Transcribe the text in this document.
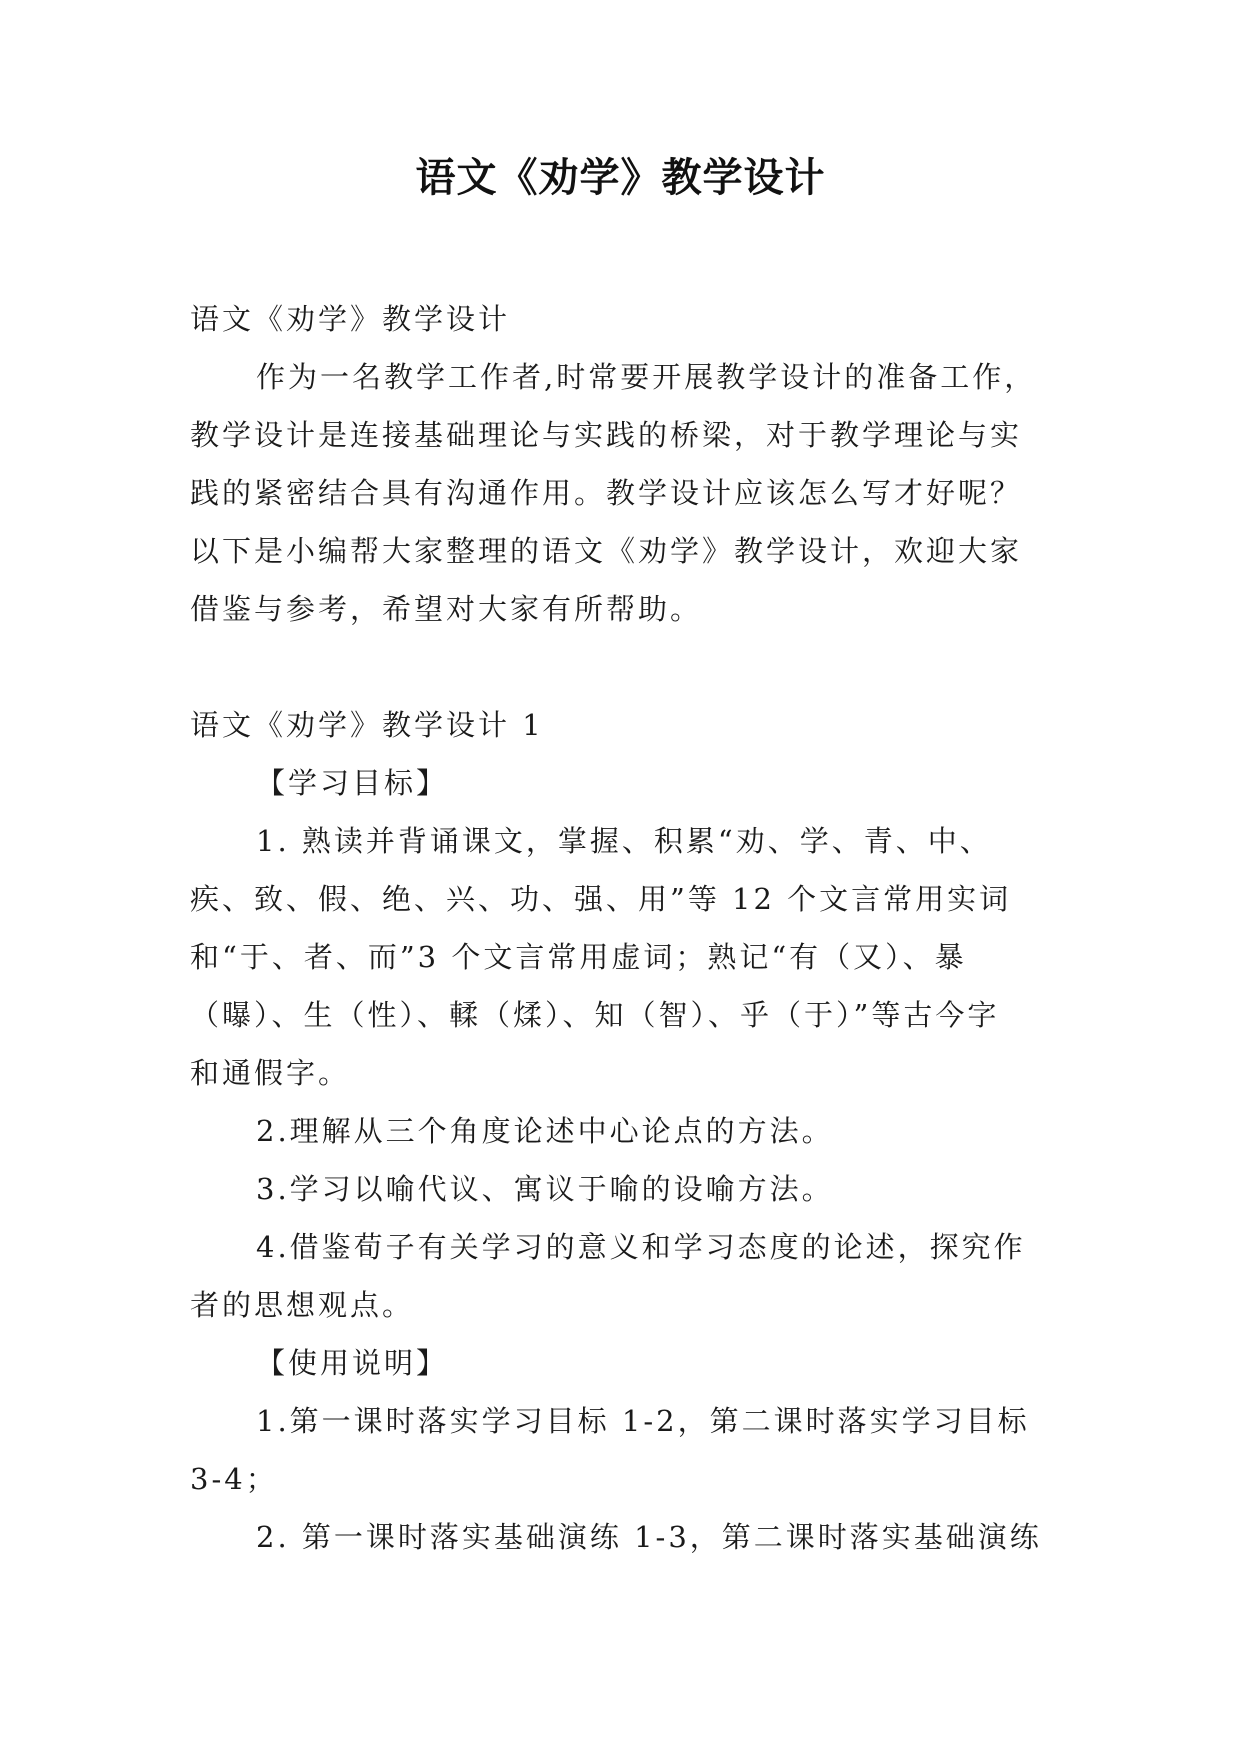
语文《劝学》教学设计
语文《劝学》教学设计
作为一名教学工作者,时常要开展教学设计的准备工作，
教学设计是连接基础理论与实践的桥梁，对于教学理论与实
践的紧密结合具有沟通作用。教学设计应该怎么写才好呢？
以下是小编帮大家整理的语文《劝学》教学设计，欢迎大家
借鉴与参考，希望对大家有所帮助。
语文《劝学》教学设计 1
【学习目标】
1. 熟读并背诵课文，掌握、积累“劝、学、青、中、
疾、致、假、绝、兴、功、强、用”等 12 个文言常用实词
和“于、者、而”3 个文言常用虚词；熟记“有（又）、暴
（曝）、生（性）、輮（煣）、知（智）、乎（于）”等古今字
和通假字。
2.理解从三个角度论述中心论点的方法。
3.学习以喻代议、寓议于喻的设喻方法。
4.借鉴荀子有关学习的意义和学习态度的论述，探究作
者的思想观点。
【使用说明】
1.第一课时落实学习目标 1-2，第二课时落实学习目标
3-4；
2. 第一课时落实基础演练 1-3，第二课时落实基础演练
